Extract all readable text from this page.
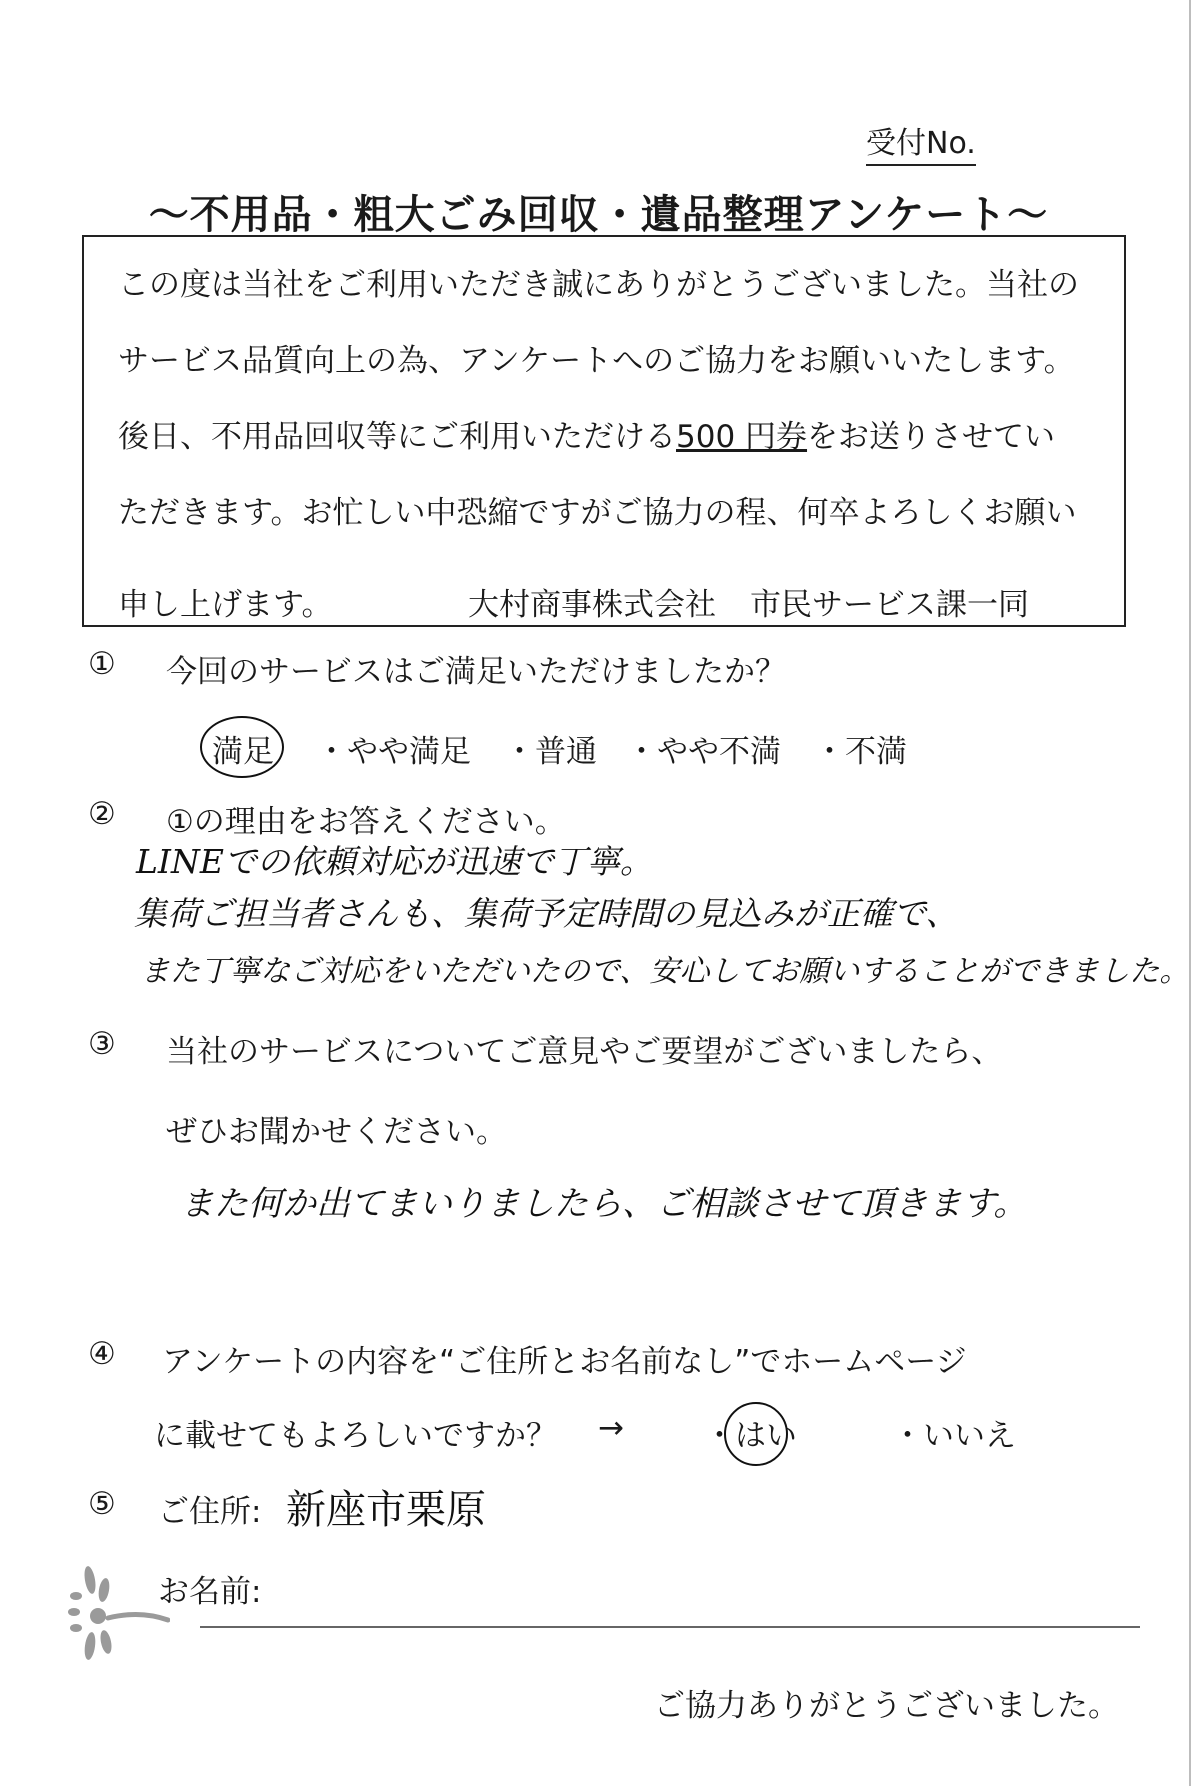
受付No.
～不用品・粗大ごみ回収・遺品整理アンケート～
この度は当社をご利用いただき誠にありがとうございました。当社の
サービス品質向上の為、アンケートへのご協力をお願いいたします。
後日、不用品回収等にご利用いただける500 円券をお送りさせてい
ただきます。お忙しい中恐縮ですがご協力の程、何卒よろしくお願い
申し上げます。	大村商事株式会社 市民サービス課一同
① 今回のサービスはご満足いただけましたか？
満足 ・やや満足 ・普通 ・やや不満 ・不満
② ①の理由をお答えください。
LINEでの依頼対応が迅速で丁寧。
集荷ご担当者さんも、集荷予定時間の見込みが正確で、
また丁寧なご対応をいただいたので、安心してお願いすることができました。
③ 当社のサービスについてご意見やご要望がございましたら、
ぜひお聞かせください。
また何か出てまいりましたら、ご相談させて頂きます。
④ アンケートの内容を“ご住所とお名前なし”でホームページ
に載せてもよろしいですか？ →	・はい	・いいえ
⑤ ご住所: 新座市栗原
お名前:
ご協力ありがとうございました。
